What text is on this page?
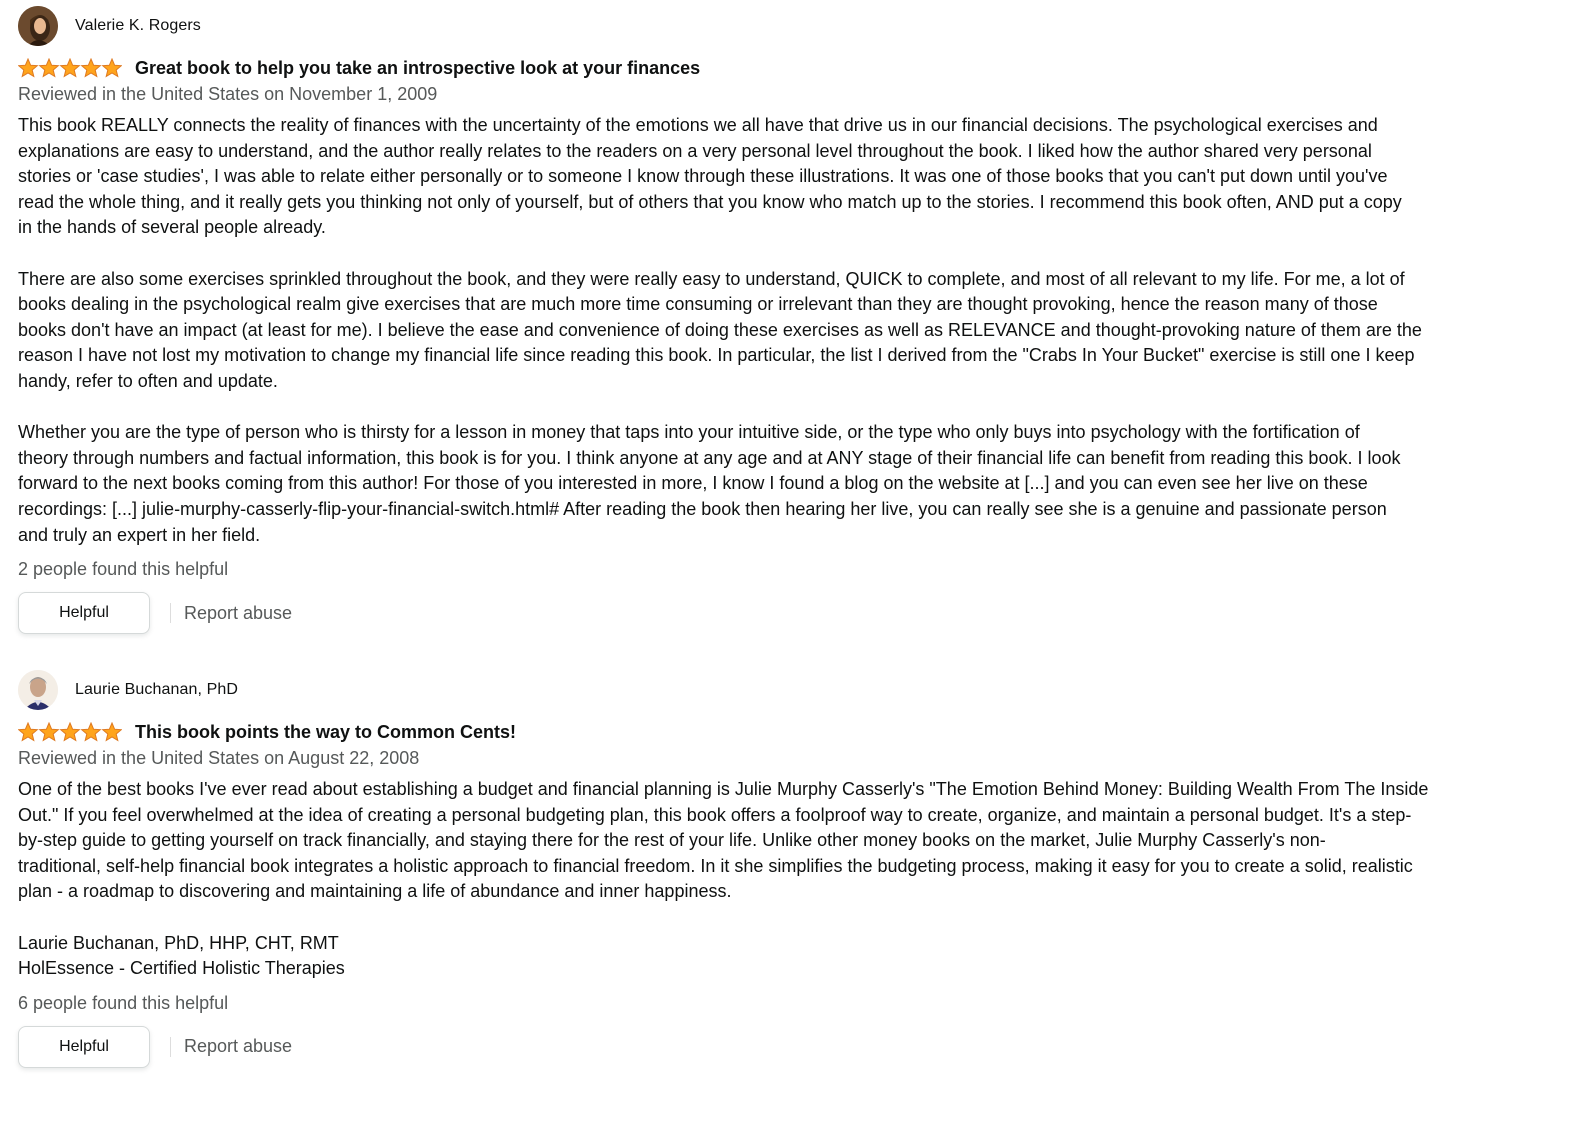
Valerie K. Rogers
Great book to help you take an introspective look at your finances
Reviewed in the United States on November 1, 2009

This book REALLY connects the reality of finances with the uncertainty of the emotions we all have that drive us in our financial decisions. The psychological exercises and
explanations are easy to understand, and the author really relates to the readers on a very personal level throughout the book. I liked how the author shared very personal
stories or 'case studies', I was able to relate either personally or to someone I know through these illustrations. It was one of those books that you can't put down until you've
read the whole thing, and it really gets you thinking not only of yourself, but of others that you know who match up to the stories. I recommend this book often, AND put a copy
in the hands of several people already.

There are also some exercises sprinkled throughout the book, and they were really easy to understand, QUICK to complete, and most of all relevant to my life. For me, a lot of
books dealing in the psychological realm give exercises that are much more time consuming or irrelevant than they are thought provoking, hence the reason many of those
books don't have an impact (at least for me). I believe the ease and convenience of doing these exercises as well as RELEVANCE and thought-provoking nature of them are the
reason I have not lost my motivation to change my financial life since reading this book. In particular, the list I derived from the "Crabs In Your Bucket" exercise is still one I keep
handy, refer to often and update.

Whether you are the type of person who is thirsty for a lesson in money that taps into your intuitive side, or the type who only buys into psychology with the fortification of
theory through numbers and factual information, this book is for you. I think anyone at any age and at ANY stage of their financial life can benefit from reading this book. I look
forward to the next books coming from this author! For those of you interested in more, I know I found a blog on the website at [...] and you can even see her live on these
recordings: [...] julie-murphy-casserly-flip-your-financial-switch.html# After reading the book then hearing her live, you can really see she is a genuine and passionate person
and truly an expert in her field.

2 people found this helpful
Helpful	Report abuse
Laurie Buchanan, PhD
This book points the way to Common Cents!
Reviewed in the United States on August 22, 2008

One of the best books I've ever read about establishing a budget and financial planning is Julie Murphy Casserly's "The Emotion Behind Money: Building Wealth From The Inside
Out." If you feel overwhelmed at the idea of creating a personal budgeting plan, this book offers a foolproof way to create, organize, and maintain a personal budget. It's a step-
by-step guide to getting yourself on track financially, and staying there for the rest of your life. Unlike other money books on the market, Julie Murphy Casserly's non-
traditional, self-help financial book integrates a holistic approach to financial freedom. In it she simplifies the budgeting process, making it easy for you to create a solid, realistic
plan - a roadmap to discovering and maintaining a life of abundance and inner happiness.

Laurie Buchanan, PhD, HHP, CHT, RMT
HolEssence - Certified Holistic Therapies

6 people found this helpful
Helpful	Report abuse
